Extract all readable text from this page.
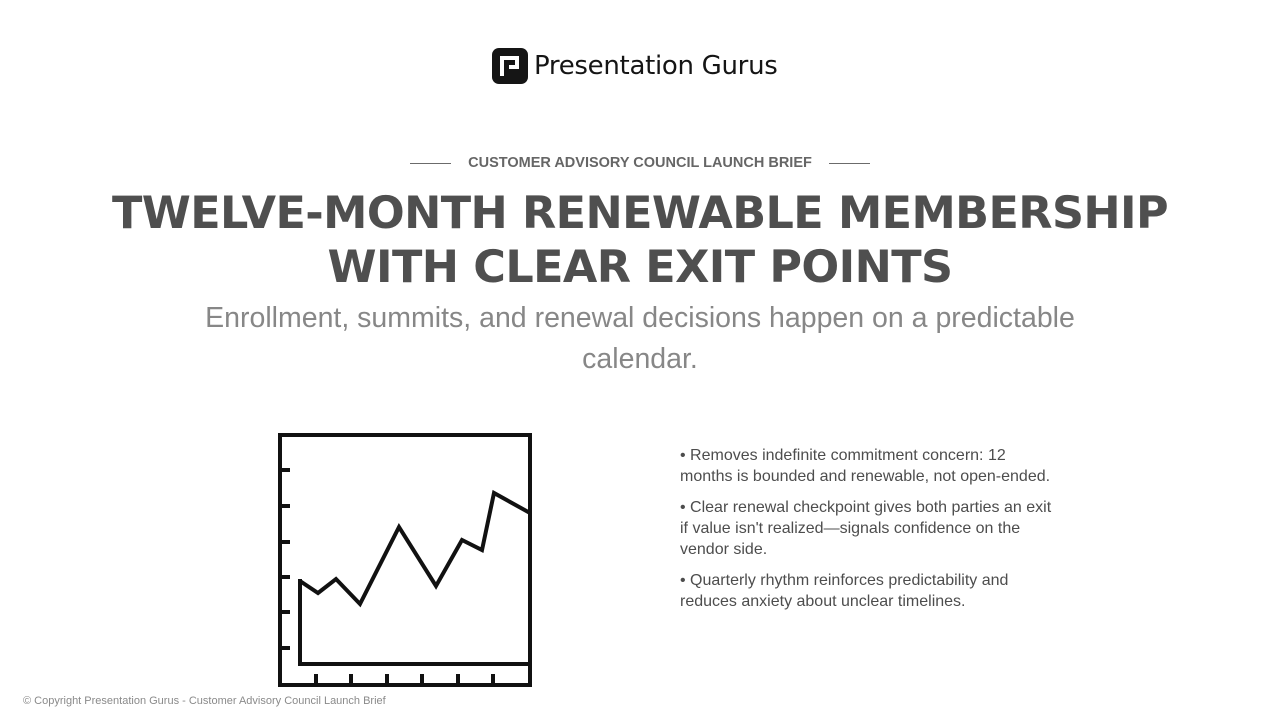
Presentation Gurus
CUSTOMER ADVISORY COUNCIL LAUNCH BRIEF
TWELVE-MONTH RENEWABLE MEMBERSHIP WITH CLEAR EXIT POINTS

Enrollment, summits, and renewal decisions happen on a predictable calendar.

• Removes indefinite commitment concern: 12 months is bounded and renewable, not open-ended.
• Clear renewal checkpoint gives both parties an exit if value isn't realized—signals confidence on the vendor side.
• Quarterly rhythm reinforces predictability and reduces anxiety about unclear timelines.
© Copyright Presentation Gurus - Customer Advisory Council Launch Brief
